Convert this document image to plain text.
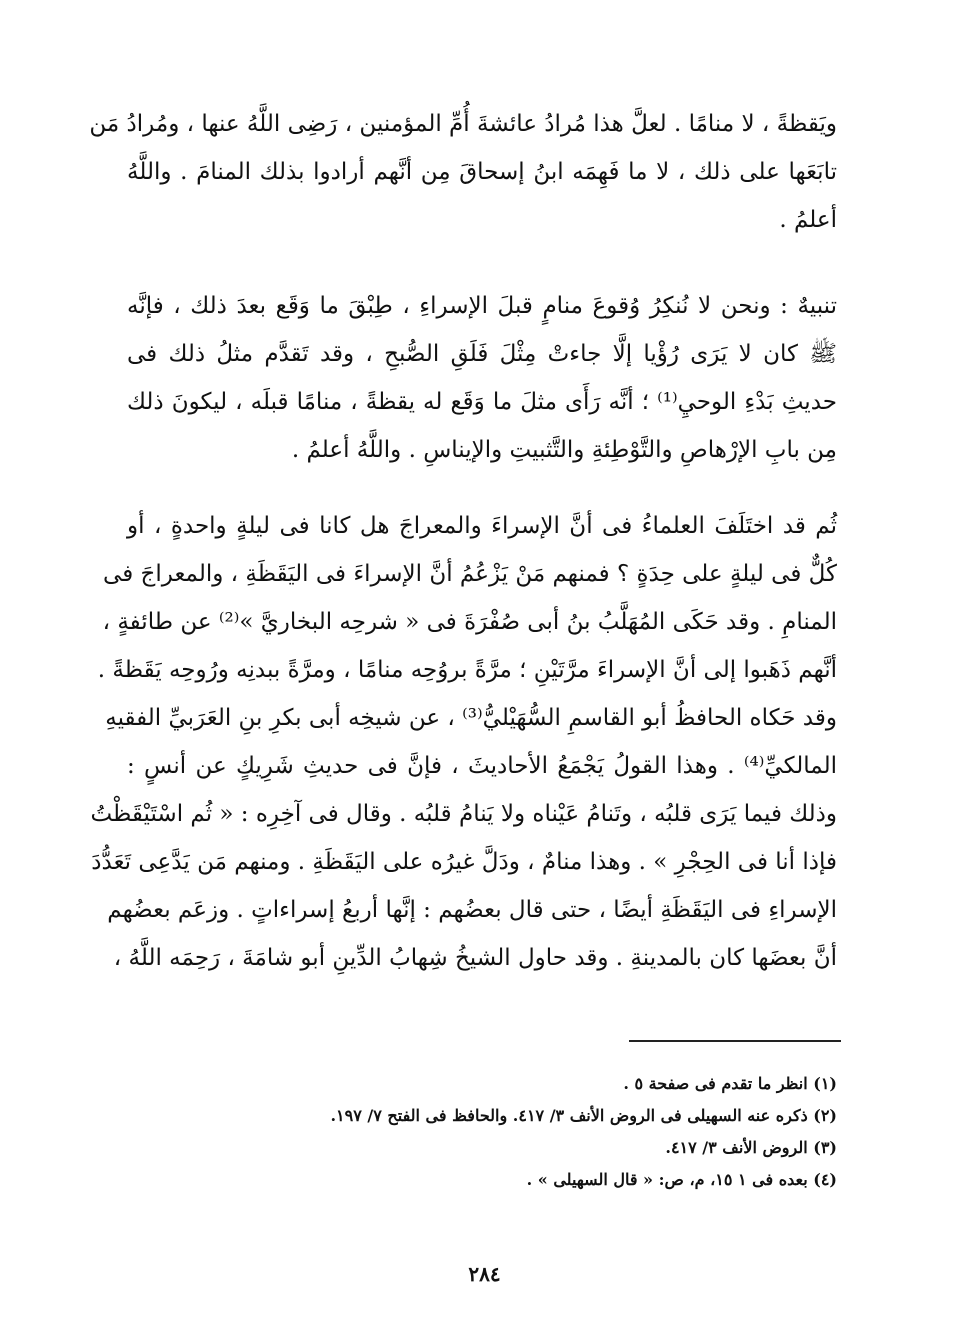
ويَقظةً ، لا منامًا . لعلَّ هذا مُرادُ عائشةَ أُمِّ المؤمنين ، رَضِى اللَّهُ عنها ، ومُرادُ مَن
تابَعَها على ذلك ، لا ما فَهِمَه ابنُ إسحاقَ مِن أنَّهم أرادوا بذلك المنامَ . واللَّهُ
أعلمُ .
تنبيهٌ : ونحن لا نُنكِرُ وُقوعَ منامٍ قبلَ الإسراءِ ، طِبْقَ ما وَقَع بعدَ ذلك ، فإنَّه
ﷺ كان لا يَرَى رُؤْيا إلَّا جاءتْ مِثْلَ فَلَقِ الصُّبحِ ، وقد تَقدَّم مثلُ ذلك فى
حديثِ بَدْءِ الوحيِ⁽¹⁾ ؛ أنَّه رَأَى مثلَ ما وَقَع له يقظةً ، منامًا قبلَه ، ليكونَ ذلك
مِن بابِ الإرْهاصِ والتَّوْطِئةِ والتَّثبيتِ والإيناسِ . واللَّهُ أعلمُ .
ثُم قد اختَلَفَ العلماءُ فى أنَّ الإسراءَ والمعراجَ هل كانا فى ليلةٍ واحدةٍ ، أو
كُلٌّ فى ليلةٍ على حِدَةٍ ؟ فمنهم مَنْ يَزْعُمُ أنَّ الإسراءَ فى اليَقَظَةِ ، والمعراجَ فى
المنامِ . وقد حَكَى المُهَلَّبُ بنُ أبى صُفْرَةَ فى « شرحِه البخاريَّ »⁽²⁾ عن طائفةٍ ،
أنَّهم ذَهَبوا إلى أنَّ الإسراءَ مرَّتَيْنِ ؛ مرَّةً بروُحِه منامًا ، ومرَّةً ببدنِه ورُوحِه يَقَظةً .
وقد حَكاه الحافظُ أبو القاسمِ السُّهَيْليُّ⁽³⁾ ، عن شيخِه أبى بكرِ بنِ العَرَبيِّ الفقيهِ
المالكيِّ⁽⁴⁾ . وهذا القولُ يَجْمَعُ الأحاديثَ ، فإنَّ فى حديثِ شَرِيكٍ عن أنسٍ :
وذلك فيما يَرَى قلبُه ، وتَنامُ عَيْناه ولا يَنامُ قلبُه . وقال فى آخِرِه : « ثُم اسْتَيْقَظْتُ
فإذا أنا فى الحِجْرِ » . وهذا منامٌ ، ودَلَّ غيرُه على اليَقَظَةِ . ومنهم مَن يَدَّعِى تَعَدُّدَ
الإسراءِ فى اليَقَظَةِ أيضًا ، حتى قال بعضُهم : إنَّها أربعُ إسراءاتٍ . وزعَم بعضُهم
أنَّ بعضَها كان بالمدينةِ . وقد حاول الشيخُ شِهابُ الدِّينِ أبو شامَةَ ، رَحِمَه اللَّهُ ،
(١) انظر ما تقدم فى صفحة ٥ .
(٢) ذكره عنه السهيلى فى الروض الأنف ٣/ ٤١٧. والحافظ فى الفتح ٧/ ١٩٧.
(٣) الروض الأنف ٣/ ٤١٧.
(٤) بعده فى ١ ١٥، م، ص: « قال السهيلى » .
٢٨٤
